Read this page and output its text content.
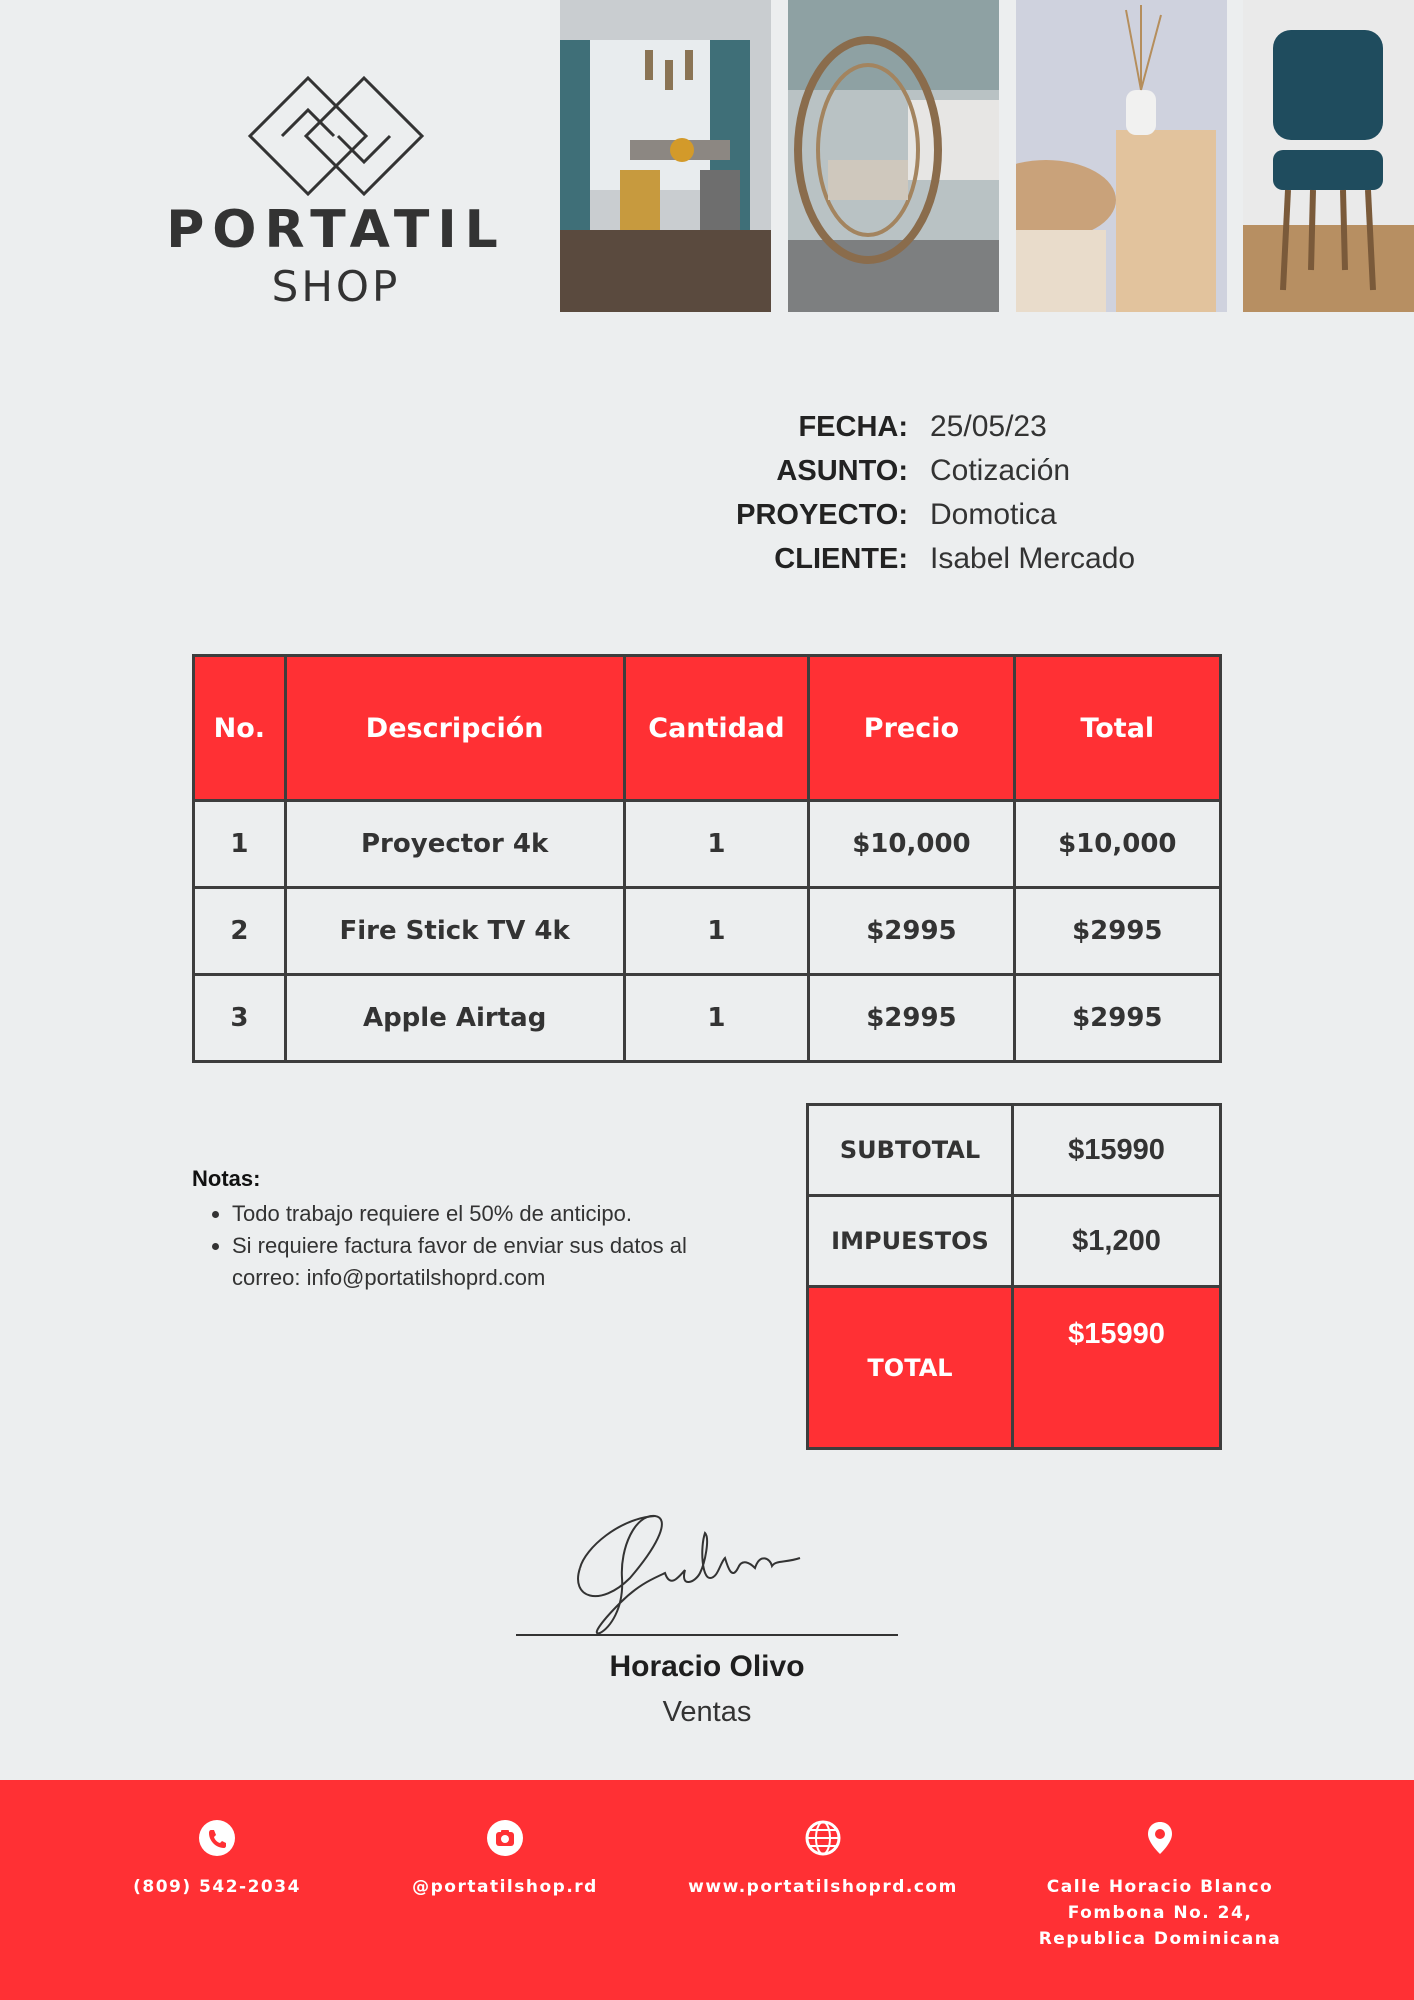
PORTATIL
SHOP
FECHA: 25/05/23
ASUNTO: Cotización
PROYECTO: Domotica
CLIENTE: Isabel Mercado
No.	Descripción	Cantidad	Precio	Total
1	Proyector 4k	1	$10,000	$10,000
2	Fire Stick TV 4k	1	$2995	$2995
3	Apple Airtag	1	$2995	$2995
Notas:
• Todo trabajo requiere el 50% de anticipo.
• Si requiere factura favor de enviar sus datos al correo: info@portatilshoprd.com
SUBTOTAL	$15990
IMPUESTOS	$1,200
TOTAL	$15990
Horacio Olivo
Ventas
(809) 542-2034	@portatilshop.rd	www.portatilshoprd.com	Calle Horacio Blanco
Fombona No. 24,
Republica Dominicana
